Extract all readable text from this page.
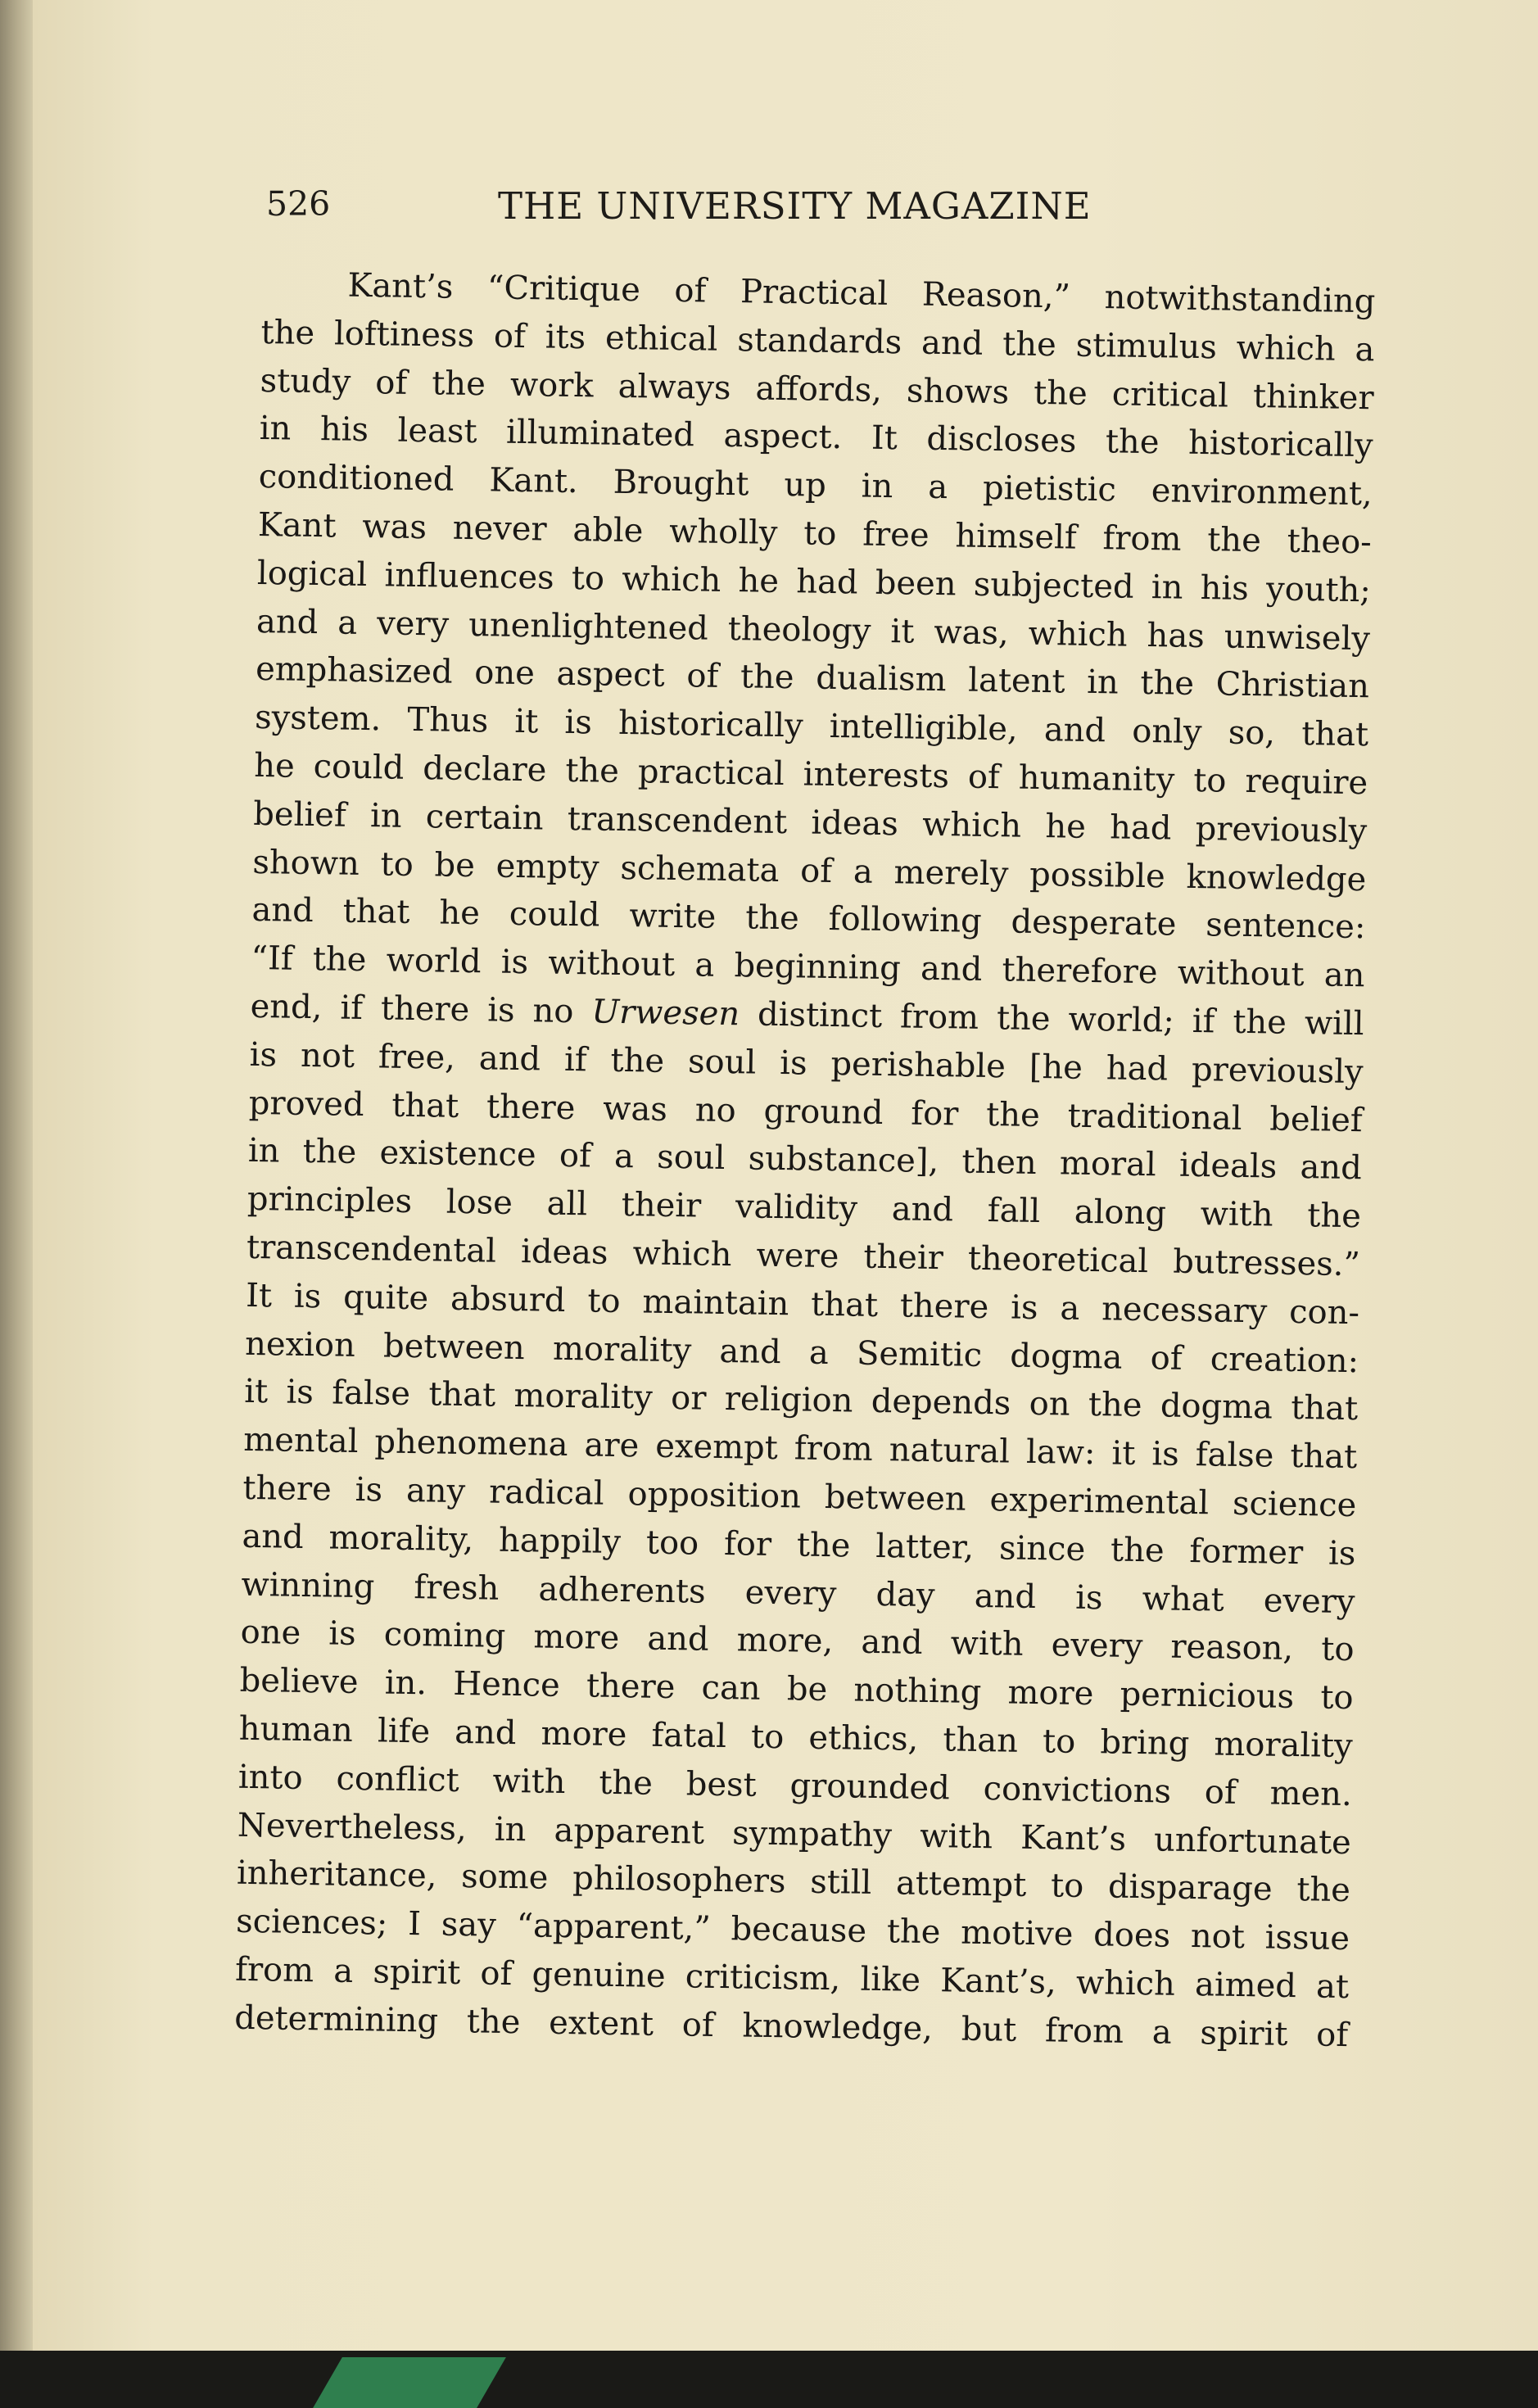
526	THE UNIVERSITY MAGAZINE
Kant’s “Critique of Practical Reason,” notwithstanding
the loftiness of its ethical standards and the stimulus which a
study of the work always affords, shows the critical thinker
in his least illuminated aspect. It discloses the historically
conditioned Kant. Brought up in a pietistic environment,
Kant was never able wholly to free himself from the theo-
logical influences to which he had been subjected in his youth;
and a very unenlightened theology it was, which has unwisely
emphasized one aspect of the dualism latent in the Christian
system. Thus it is historically intelligible, and only so, that
he could declare the practical interests of humanity to require
belief in certain transcendent ideas which he had previously
shown to be empty schemata of a merely possible knowledge
and that he could write the following desperate sentence:
“If the world is without a beginning and therefore without an
end, if there is no Urwesen distinct from the world; if the will
is not free, and if the soul is perishable [he had previously
proved that there was no ground for the traditional belief
in the existence of a soul substance], then moral ideals and
principles lose all their validity and fall along with the
transcendental ideas which were their theoretical butresses.”
It is quite absurd to maintain that there is a necessary con-
nexion between morality and a Semitic dogma of creation:
it is false that morality or religion depends on the dogma that
mental phenomena are exempt from natural law: it is false that
there is any radical opposition between experimental science
and morality, happily too for the latter, since the former is
winning fresh adherents every day and is what every
one is coming more and more, and with every reason, to
believe in. Hence there can be nothing more pernicious to
human life and more fatal to ethics, than to bring morality
into conflict with the best grounded convictions of men.
Nevertheless, in apparent sympathy with Kant’s unfortunate
inheritance, some philosophers still attempt to disparage the
sciences; I say “apparent,” because the motive does not issue
from a spirit of genuine criticism, like Kant’s, which aimed at
determining the extent of knowledge, but from a spirit of
